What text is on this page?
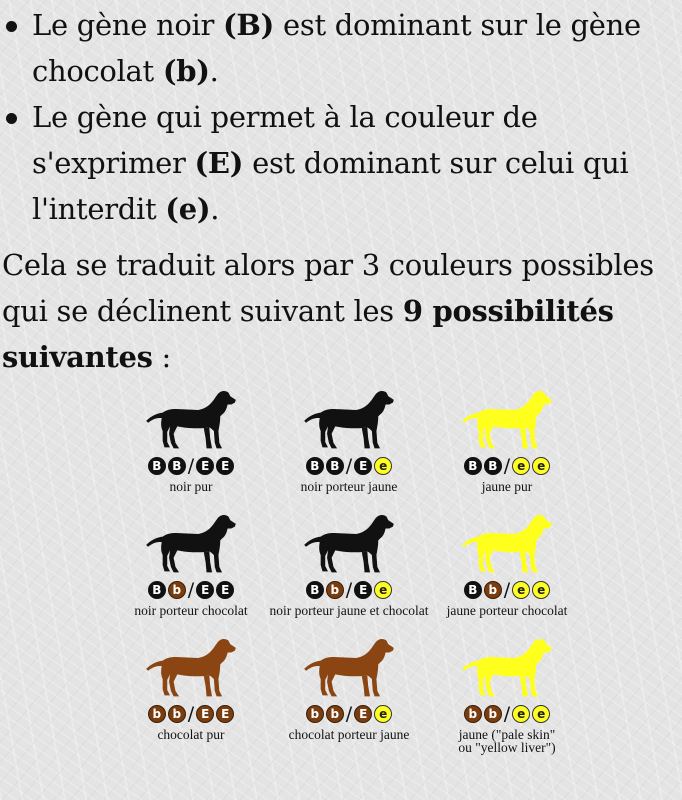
Le gène noir (B) est dominant sur le gène chocolat (b).
Le gène qui permet à la couleur de s'exprimer (E) est dominant sur celui qui l'interdit (e).

Cela se traduit alors par 3 couleurs possibles qui se déclinent suivant les 9 possibilités suivantes :

B B / E E
noir pur
B B / E e
noir porteur jaune
B B / e e
jaune pur
B b / E E
noir porteur chocolat
B b / E e
noir porteur jaune et chocolat
B b / e e
jaune porteur chocolat
b b / E E
chocolat pur
b b / E e
chocolat porteur jaune
b b / e e
jaune ("pale skin"
ou "yellow liver")
